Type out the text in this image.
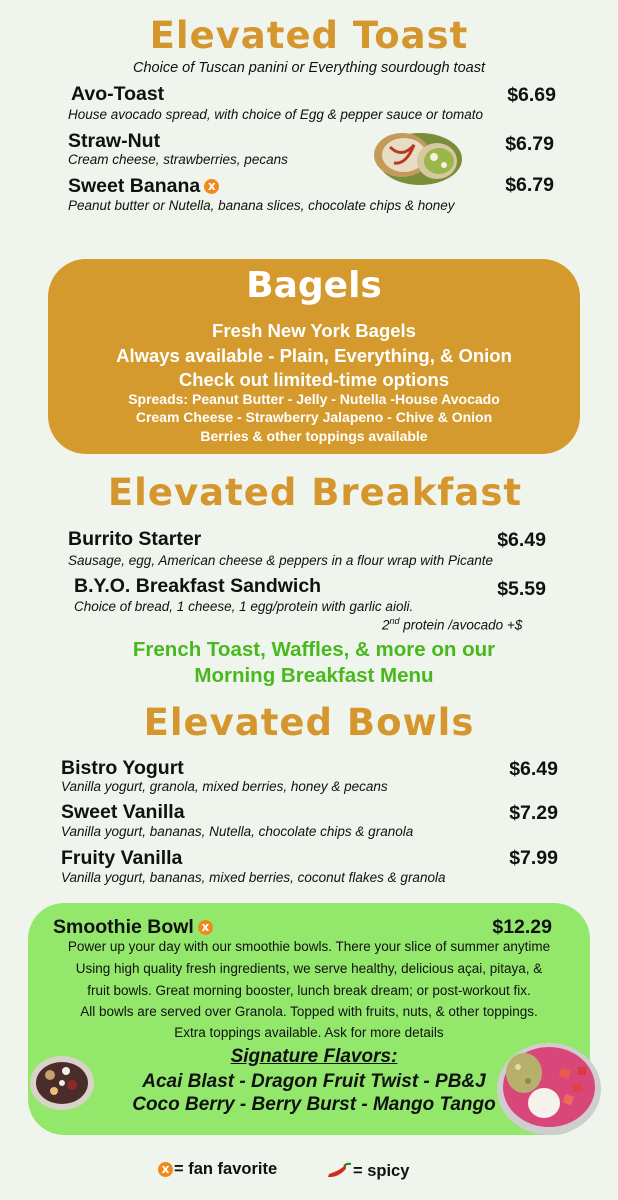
Elevated Toast
Choice of Tuscan panini or Everything sourdough toast
Avo-Toast	$6.69
House avocado spread, with choice of Egg & pepper sauce or tomato
Straw-Nut	$6.79
Cream cheese, strawberries, pecans
Sweet Banana x	$6.79
Peanut butter or Nutella, banana slices, chocolate chips & honey
Bagels
Fresh New York Bagels
Always available - Plain, Everything, & Onion
Check out limited-time options
Spreads: Peanut Butter - Jelly - Nutella -House Avocado
Cream Cheese - Strawberry Jalapeno - Chive & Onion
Berries & other toppings available
Elevated Breakfast
Burrito Starter	$6.49
Sausage, egg, American cheese & peppers in a flour wrap with Picante
B.Y.O. Breakfast Sandwich	$5.59
Choice of bread, 1 cheese, 1 egg/protein with garlic aioli.
2nd protein /avocado +$
French Toast, Waffles, & more on our
Morning Breakfast Menu
Elevated Bowls
Bistro Yogurt	$6.49
Vanilla yogurt, granola, mixed berries, honey & pecans
Sweet Vanilla	$7.29
Vanilla yogurt, bananas, Nutella, chocolate chips & granola
Fruity Vanilla	$7.99
Vanilla yogurt, bananas, mixed berries, coconut flakes & granola
Smoothie Bowl x	$12.29
Power up your day with our smoothie bowls. There your slice of summer anytime
Using high quality fresh ingredients, we serve healthy, delicious açai, pitaya, &
fruit bowls. Great morning booster, lunch break dream; or post-workout fix.
All bowls are served over Granola. Topped with fruits, nuts, & other toppings.
Extra toppings available. Ask for more details
Signature Flavors:
Acai Blast - Dragon Fruit Twist - PB&J
Coco Berry - Berry Burst - Mango Tango
x = fan favorite	= spicy
